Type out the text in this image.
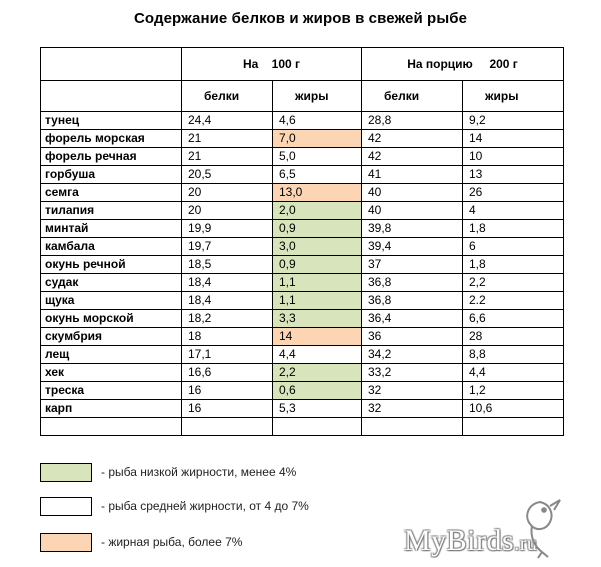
Содержание белков и жиров в свежей рыбе
	На    100 г		На порцию     200 г	
	белки	жиры	белки	жиры
тунец	24,4	4,6	28,8	9,2
форель морская	21	7,0	42	14
форель речная	21	5,0	42	10
горбуша	20,5	6,5	41	13
семга	20	13,0	40	26
тилапия	20	2,0	40	4
минтай	19,9	0,9	39,8	1,8
камбала	19,7	3,0	39,4	6
окунь речной	18,5	0,9	37	1,8
судак	18,4	1,1	36,8	2,2
щука	18,4	1,1	36,8	2.2
окунь морской	18,2	3,3	36,4	6,6
скумбрия	18	14	36	28
лещ	17,1	4,4	34,2	8,8
хек	16,6	2,2	33,2	4,4
треска	16	0,6	32	1,2
карп	16	5,3	32	10,6

- рыба низкой жирности, менее 4%
- рыба средней жирности, от 4 до 7%
- жирная рыба, более 7%	MyBirds.ru
